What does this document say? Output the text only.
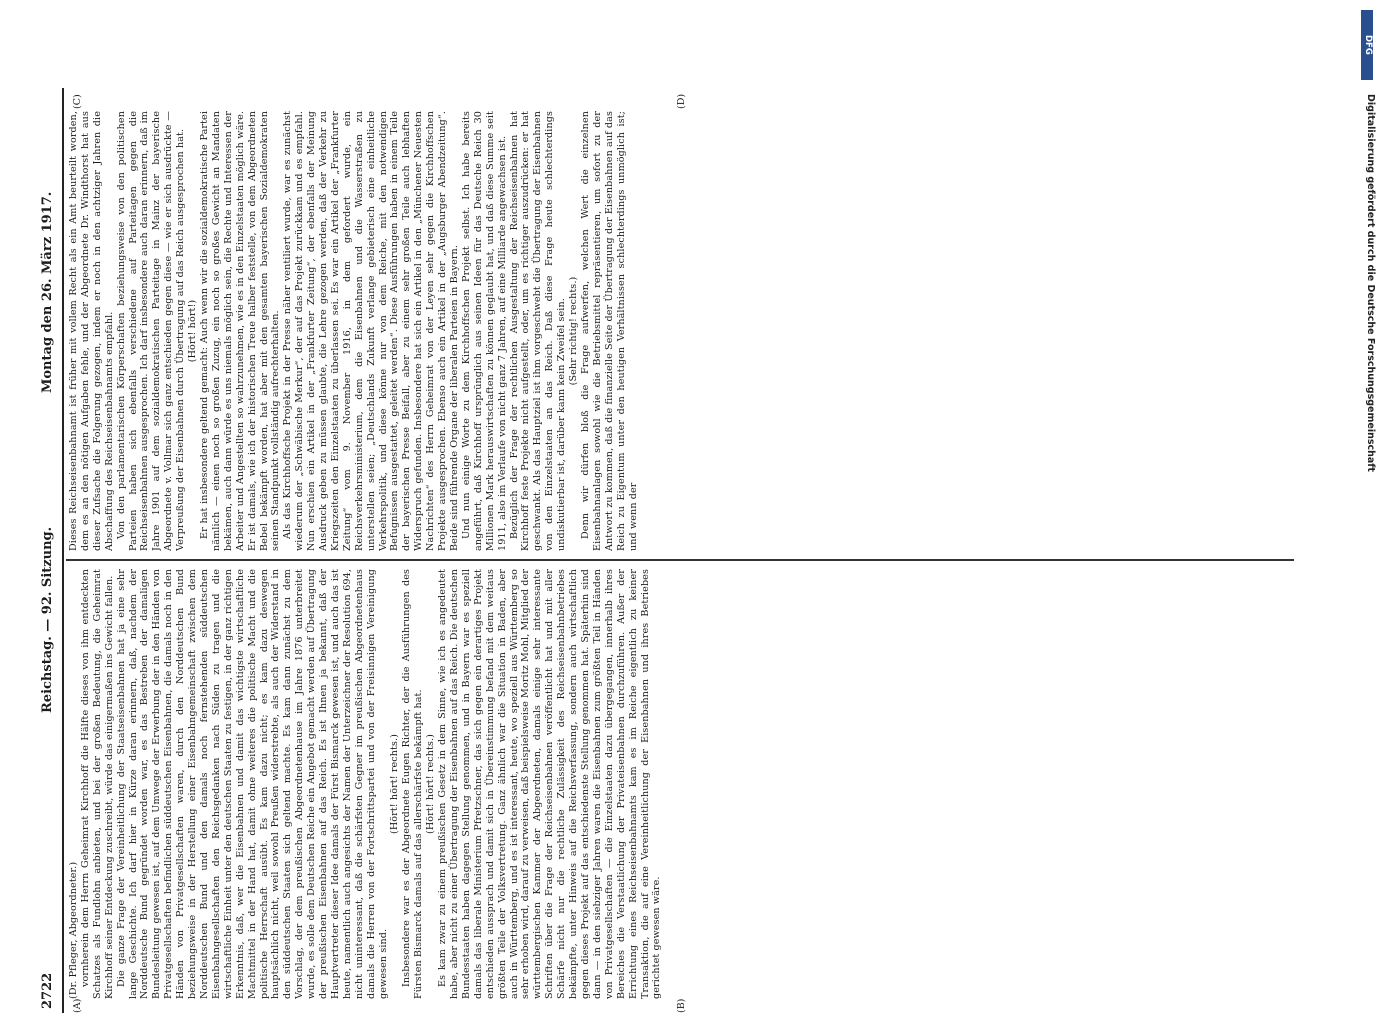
2722
Reichstag. — 92. Sitzung.
Montag den 26. März 1917.

(Dr. Pfleger, Abgeordneter.) vornherein dem Herrn Geheimrat Kirchhoff die Hälfte dieses von ihm entdeckten Schatzes als Fundlohn anbieten, und bei der großen Bedeutung, die Geheimrat Kirchhoff seiner Entdeckung zuschreibt, würde das einigermaßen ins Gewicht fallen. Die ganze Frage der Vereinheitlichung der Staatseisenbahnen hat ja eine sehr lange Geschichte. Ich darf hier in Kürze daran erinnern, daß, nachdem der Norddeutsche Bund gegründet worden war, es das Bestreben der damaligen Bundesleitung gewesen ist, auf dem Umwege der Erwerbung der in den Händen von Privatgesellschaften befindlichen süddeutschen Eisenbahnen, die damals noch in den Händen von Privatgesellschaften waren, durch den Norddeutschen Bund beziehungsweise in der Herstellung einer Eisenbahngemeinschaft zwischen dem Norddeutschen Bund und den damals noch fernstehenden süddeutschen Eisenbahngesellschaften den Reichsgedanken nach Süden zu tragen und die wirtschaftliche Einheit unter den deutschen Staaten zu festigen, in der ganz richtigen Erkenntnis, daß, wer die Eisenbahnen und damit das wichtigste wirtschaftliche Machtmittel in der Hand hat, damit ohne weiteres die politische Macht und die politische Herrschaft ausübt. Es kam dazu nicht; es kam dazu deswegen hauptsächlich nicht, weil sowohl Preußen widerstrebte, als auch der Widerstand in den süddeutschen Staaten sich geltend machte. Es kam dann zunächst zu dem Vorschlag, der dem preußischen Abgeordnetenhause im Jahre 1876 unterbreitet wurde, es solle dem Deutschen Reiche ein Angebot gemacht werden auf Übertragung der preußischen Eisenbahnen auf das Reich. Es ist Ihnen ja bekannt, daß der Hauptvertreter dieser Idee damals der Fürst Bismarck gewesen ist, und auch das ist heute, namentlich auch angesichts der Namen der Unterzeichner der Resolution 694, nicht uninteressant, daß die schärfsten Gegner im preußischen Abgeordnetenhaus damals die Herren von der Fortschrittspartei und von der Freisinnigen Vereinigung gewesen sind.

(Hört! hört! rechts.) Insbesondere war es der Abgeordnete Eugen Richter, der die Ausführungen des Fürsten Bismarck damals auf das allerschärfste bekämpft hat. (Hört! hört! rechts.) Es kam zwar zu einem preußischen Gesetz in dem Sinne, wie ich es angedeutet habe, aber nicht zu einer Übertragung der Eisenbahnen auf das Reich. Die deutschen Bundesstaaten haben dagegen Stellung genommen, und in Bayern war es speziell damals das liberale Ministerium Pfretzschner, das sich gegen ein derartiges Projekt entschieden aussprach und damit sich in Übereinstimmung befand mit dem weitaus größten Teile der Volksvertretung. Ganz ähnlich war die Situation in Baden, aber auch in Württemberg, und es ist interessant, heute, wo speziell aus Württemberg so sehr erhoben wird, darauf zu verweisen, daß beispielsweise Moritz Mohl, Mitglied der württembergischen Kammer der Abgeordneten, damals einige sehr interessante Schriften über die Frage der Reichseisenbahnen veröffentlicht hat und mit aller Schärfe nicht nur die rechtliche Zulässigkeit des Reichseisenbahnbetriebes bekämpfte, unter Hinweis auf die Reichsverfassung, sondern auch wirtschaftlich gegen dieses Projekt auf das entschiedenste Stellung genommen hat. Späterhin sind dann — in den siebziger Jahren waren die Eisenbahnen zum größten Teil in Händen von Privatgesellschaften — die Einzelstaaten dazu übergegangen, innerhalb ihres Bereiches die Verstaatlichung der Privateisenbahnen durchzuführen. Außer der Errichtung eines Reichseisenbahnamts kam es im Reiche eigentlich zu keiner Transaktion, die auf eine Vereinheitlichung der Eisenbahnen und ihres Betriebes gerichtet gewesen wäre.

Dieses Reichseisenbahnamt ist früher mit vollem Recht als ein Amt beurteilt worden, dem es an den nötigen Aufgaben fehle, und der Abgeordnete Dr. Windthorst hat aus dieser Zufsache die Folgerung gezogen, indem er noch in den achtziger Jahren die Abschaffung des Reichseisenbahnamts empfahl. Von den parlamentarischen Körperschaften beziehungsweise von den politischen Parteien haben sich ebenfalls verschiedene auf Parteitagen gegen die Reichseisenbahnen ausgesprochen. Ich darf insbesondere auch daran erinnern, daß im Jahre 1901 auf dem sozialdemokratischen Parteitage in Mainz der bayerische Abgeordnete v. Vollmar sich ganz entschieden gegen diese — wie er sich ausdrückte — Verpreußung der Eisenbahnen durch Übertragung auf das Reich ausgesprochen hat. (Hört! hört!) Er hat insbesondere geltend gemacht: Auch wenn wir die sozialdemokratische Partei nämlich — einen noch so großen Zuzug, ein noch so großes Gewicht an Mandaten bekämen, auch dann würde es uns niemals möglich sein, die Rechte und Interessen der Arbeiter und Angestellten so wahrzunehmen, wie es in den Einzelstaaten möglich wäre. Er ist damals, wie ich der historischen Treue halber feststelle, von dem Abgeordneten Bebel bekämpft worden, hat aber mit den gesamten bayerischen Sozialdemokraten seinen Standpunkt vollständig aufrechterhalten. Als das Kirchhoffsche Projekt in der Presse näher ventiliert wurde, war es zunächst wiederum der „Schwäbische Merkur“, der auf das Projekt zurückkam und es empfahl. Nun erschien ein Artikel in der „Frankfurter Zeitung“, der ebenfalls der Meinung Ausdruck geben zu müssen glaubte, die Lehre gezogen werden, daß der Verkehr zu Kriegszeiten den Einzelstaaten zu überlassen sei. Es war ein Artikel der „Frankfurter Zeitung“ vom 9. November 1916, in dem gefordert wurde, ein Reichsverkehrsministerium, dem die Eisenbahnen und die Wasserstraßen zu unterstellen seien; „Deutschlands Zukunft verlange gebieterisch eine einheitliche Verkehrspolitik, und diese könne nur von dem Reiche, mit den notwendigen Befugnissen ausgestattet, geleitet werden“. Diese Ausführungen haben in einem Teile der bayerischen Presse Beifall, aber zu einem sehr großen Teile auch lebhaften Widerspruch gefunden. Insbesondere hat sich ein Artikel in den „Münchener Neuesten Nachrichten“ des Herrn Geheimrat von der Leyen sehr gegen die Kirchhoffschen Projekte ausgesprochen. Ebenso auch ein Artikel in der „Augsburger Abendzeitung“. Beide sind führende Organe der liberalen Parteien in Bayern. Und nun einige Worte zu dem Kirchhoffschen Projekt selbst. Ich habe bereits angeführt, daß Kirchhoff ursprünglich aus seinen Ideen für das Deutsche Reich 30 Millionen Mark herauswirtschaften zu können geglaubt hat, und daß diese Summe seit 1911, also im Verlaufe von nicht ganz 7 Jahren, auf eine Milliarde angewachsen ist. Bezüglich der Frage der rechtlichen Ausgestaltung der Reichseisenbahnen hat Kirchhoff feste Projekte nicht aufgestellt, oder, um es richtiger auszudrücken: er hat geschwankt. Als das Hauptziel ist ihm vorgeschwebt die Übertragung der Eisenbahnen von den Einzelstaaten an das Reich. Daß diese Frage heute schlechterdings undiskutierbar ist, darüber kann kein Zweifel sein. (Sehr richtig! rechts.) Denn wir dürfen bloß die Frage aufwerfen, welchen Wert die einzelnen Eisenbahnanlagen sowohl wie die Betriebsmittel repräsentieren, um sofort zu der Antwort zu kommen, daß die finanzielle Seite der Übertragung der Eisenbahnen auf das Reich zu Eigentum unter den heutigen Verhältnissen schlechterdings unmöglich ist; und wenn der

(A)	(B)
(C)	(D)
DFG
Digitalisierung gefördert durch die Deutsche Forschungsgemeinschaft
